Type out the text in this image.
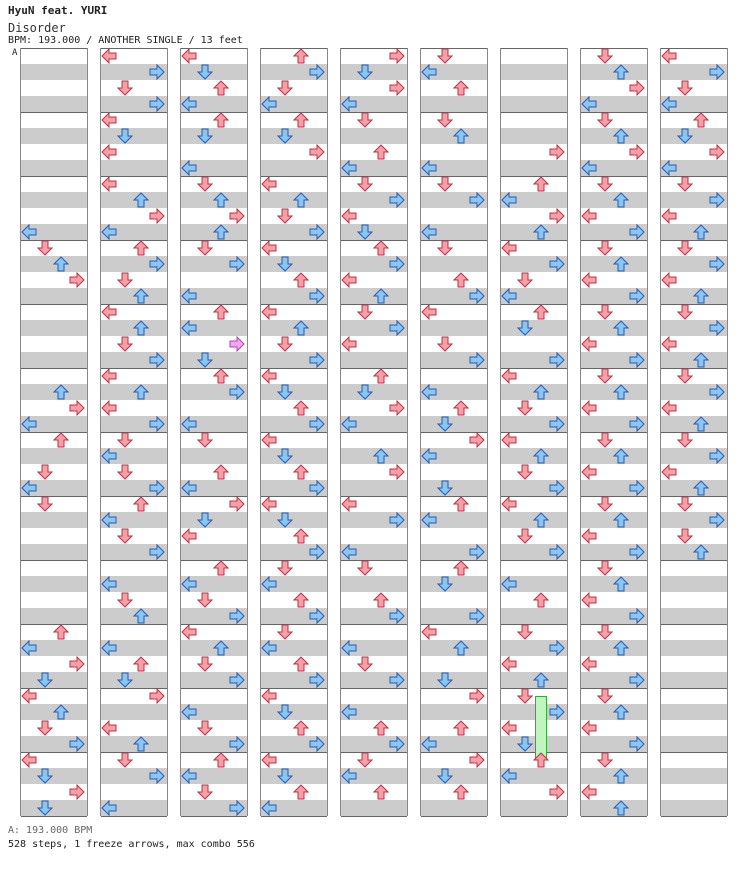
HyuN feat. YURI
Disorder
BPM: 193.000 / ANOTHER SINGLE / 13 feet
A
A: 193.000 BPM
528 steps, 1 freeze arrows, max combo 556
